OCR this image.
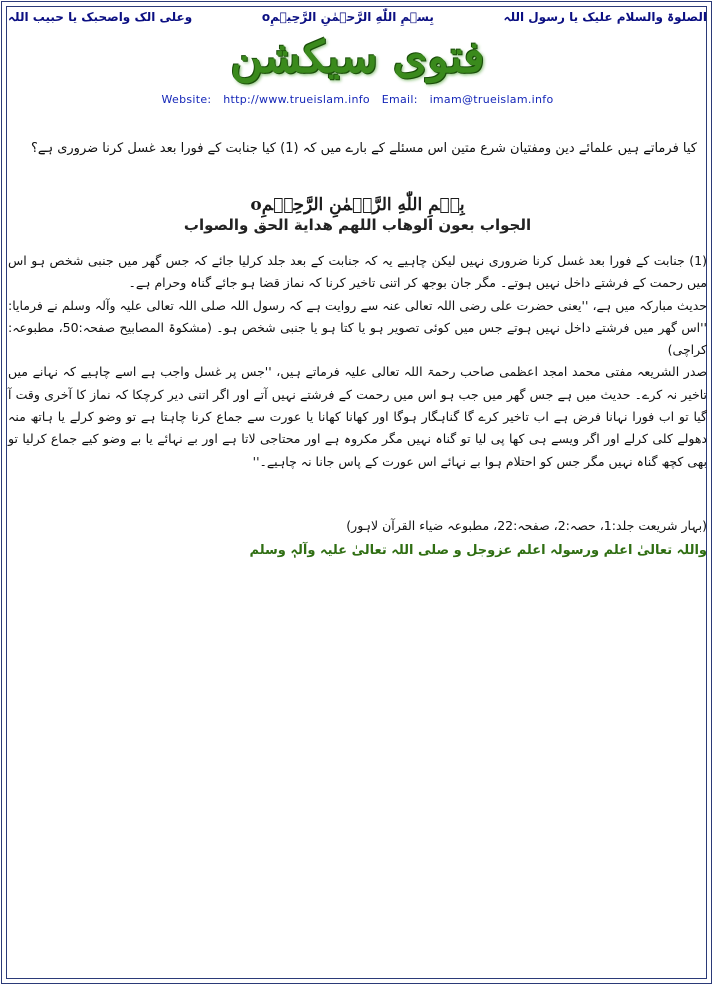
الصلوۃ والسلام علیک یا رسول اللہ
بِسۡمِ اللّٰهِ الرَّحۡمٰنِ الرَّحِیۡمِo
وعلی الک واصحبک یا حبیب اللہ
فتوی سیکشن
Website: http://www.trueislam.info Email: imam@trueislam.info
کیا فرماتے ہیں علمائے دین ومفتیان شرع متین اس مسئلے کے بارے میں کہ (1) کیا جنابت کے فورا بعد غسل کرنا ضروری ہے؟
بِسۡمِ اللّٰهِ الرَّحۡمٰنِ الرَّحِیۡمِo
الجواب بعون الوهاب اللهم هداية الحق والصواب

(1) جنابت کے فورا بعد غسل کرنا ضروری نہیں لیکن چاہیے یہ کہ جنابت کے بعد جلد کرلیا جائے کہ جس گھر میں جنبی شخص ہو اس میں رحمت کے فرشتے داخل نہیں ہوتے۔ مگر جان بوجھ کر اتنی تاخیر کرنا کہ نماز قضا ہو جائے گناہ وحرام ہے۔

حدیث مبارکہ میں ہے، ''یعنی حضرت علی رضی اللہ تعالی عنہ سے روایت ہے کہ رسول اللہ صلی اللہ تعالی علیہ وآلہ وسلم نے فرمایا: ''اس گھر میں فرشتے داخل نہیں ہوتے جس میں کوئی تصویر ہو یا کتا ہو یا جنبی شخص ہو۔ (مشکوۃ المصابیح صفحہ:50، مطبوعہ: کراچی)

صدر الشریعہ مفتی محمد امجد اعظمی صاحب رحمۃ اللہ تعالی علیہ فرماتے ہیں، ''جس پر غسل واجب ہے اسے چاہیے کہ نہانے میں تاخیر نہ کرے۔ حدیث میں ہے جس گھر میں جب ہو اس میں رحمت کے فرشتے نہیں آتے اور اگر اتنی دیر کرچکا کہ نماز کا آخری وقت آ گیا تو اب فورا نہانا فرض ہے اب تاخیر کرے گا گناہگار ہوگا اور کھانا کھانا یا عورت سے جماع کرنا چاہتا ہے تو وضو کرلے یا ہاتھ منہ دھولے کلی کرلے اور اگر ویسے ہی کھا پی لیا تو گناہ نہیں مگر مکروہ ہے اور محتاجی لاتا ہے اور بے نہائے یا بے وضو کیے جماع کرلیا تو بھی کچھ گناہ نہیں مگر جس کو احتلام ہوا بے نہائے اس عورت کے پاس جانا نہ چاہیے۔''

(بہار شریعت جلد:1، حصہ:2، صفحہ:22، مطبوعہ ضیاء القرآن لاہور)
واللہ تعالیٰ اعلم ورسولہ اعلم عزوجل و صلی اللہ تعالیٰ علیہ وآلہٖ وسلم
